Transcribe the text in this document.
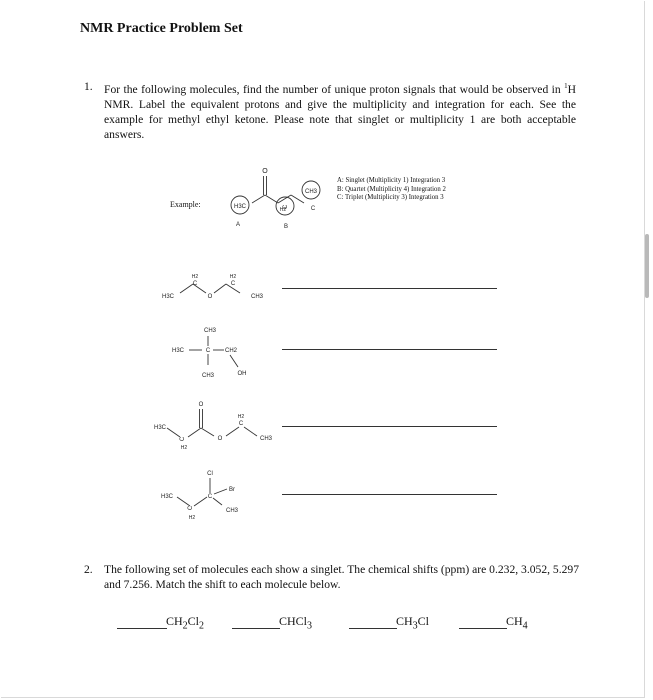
NMR Practice Problem Set
1. For the following molecules, find the number of unique proton signals that would be observed in $^1$H NMR. Label the equivalent protons and give the multiplicity and integration for each. See the example for methyl ethyl ketone. Please note that singlet or multiplicity 1 are both acceptable answers.
Example:
A: Singlet (Multiplicity 1) Integration 3
B: Quartet (Multiplicity 4) Integration 2
C: Triplet (Multiplicity 3) Integration 3
O
H3C	C
H2
CH3
A	B
C
H3C
H2
C
O
H2
C
CH3
CH3
H3C	C CH2
CH3	OH
H3C
C
H2
O
O
H2
C
CH3
Cl
Br
H3C	C
C
H2
CH3
2. The following set of molecules each show a singlet. The chemical shifts (ppm) are 0.232, 3.052, 5.297 and 7.256. Match the shift to each molecule below.
$CH_2Cl_2$	CHCl$_3$	$CH_3Cl$	$CH_4$
